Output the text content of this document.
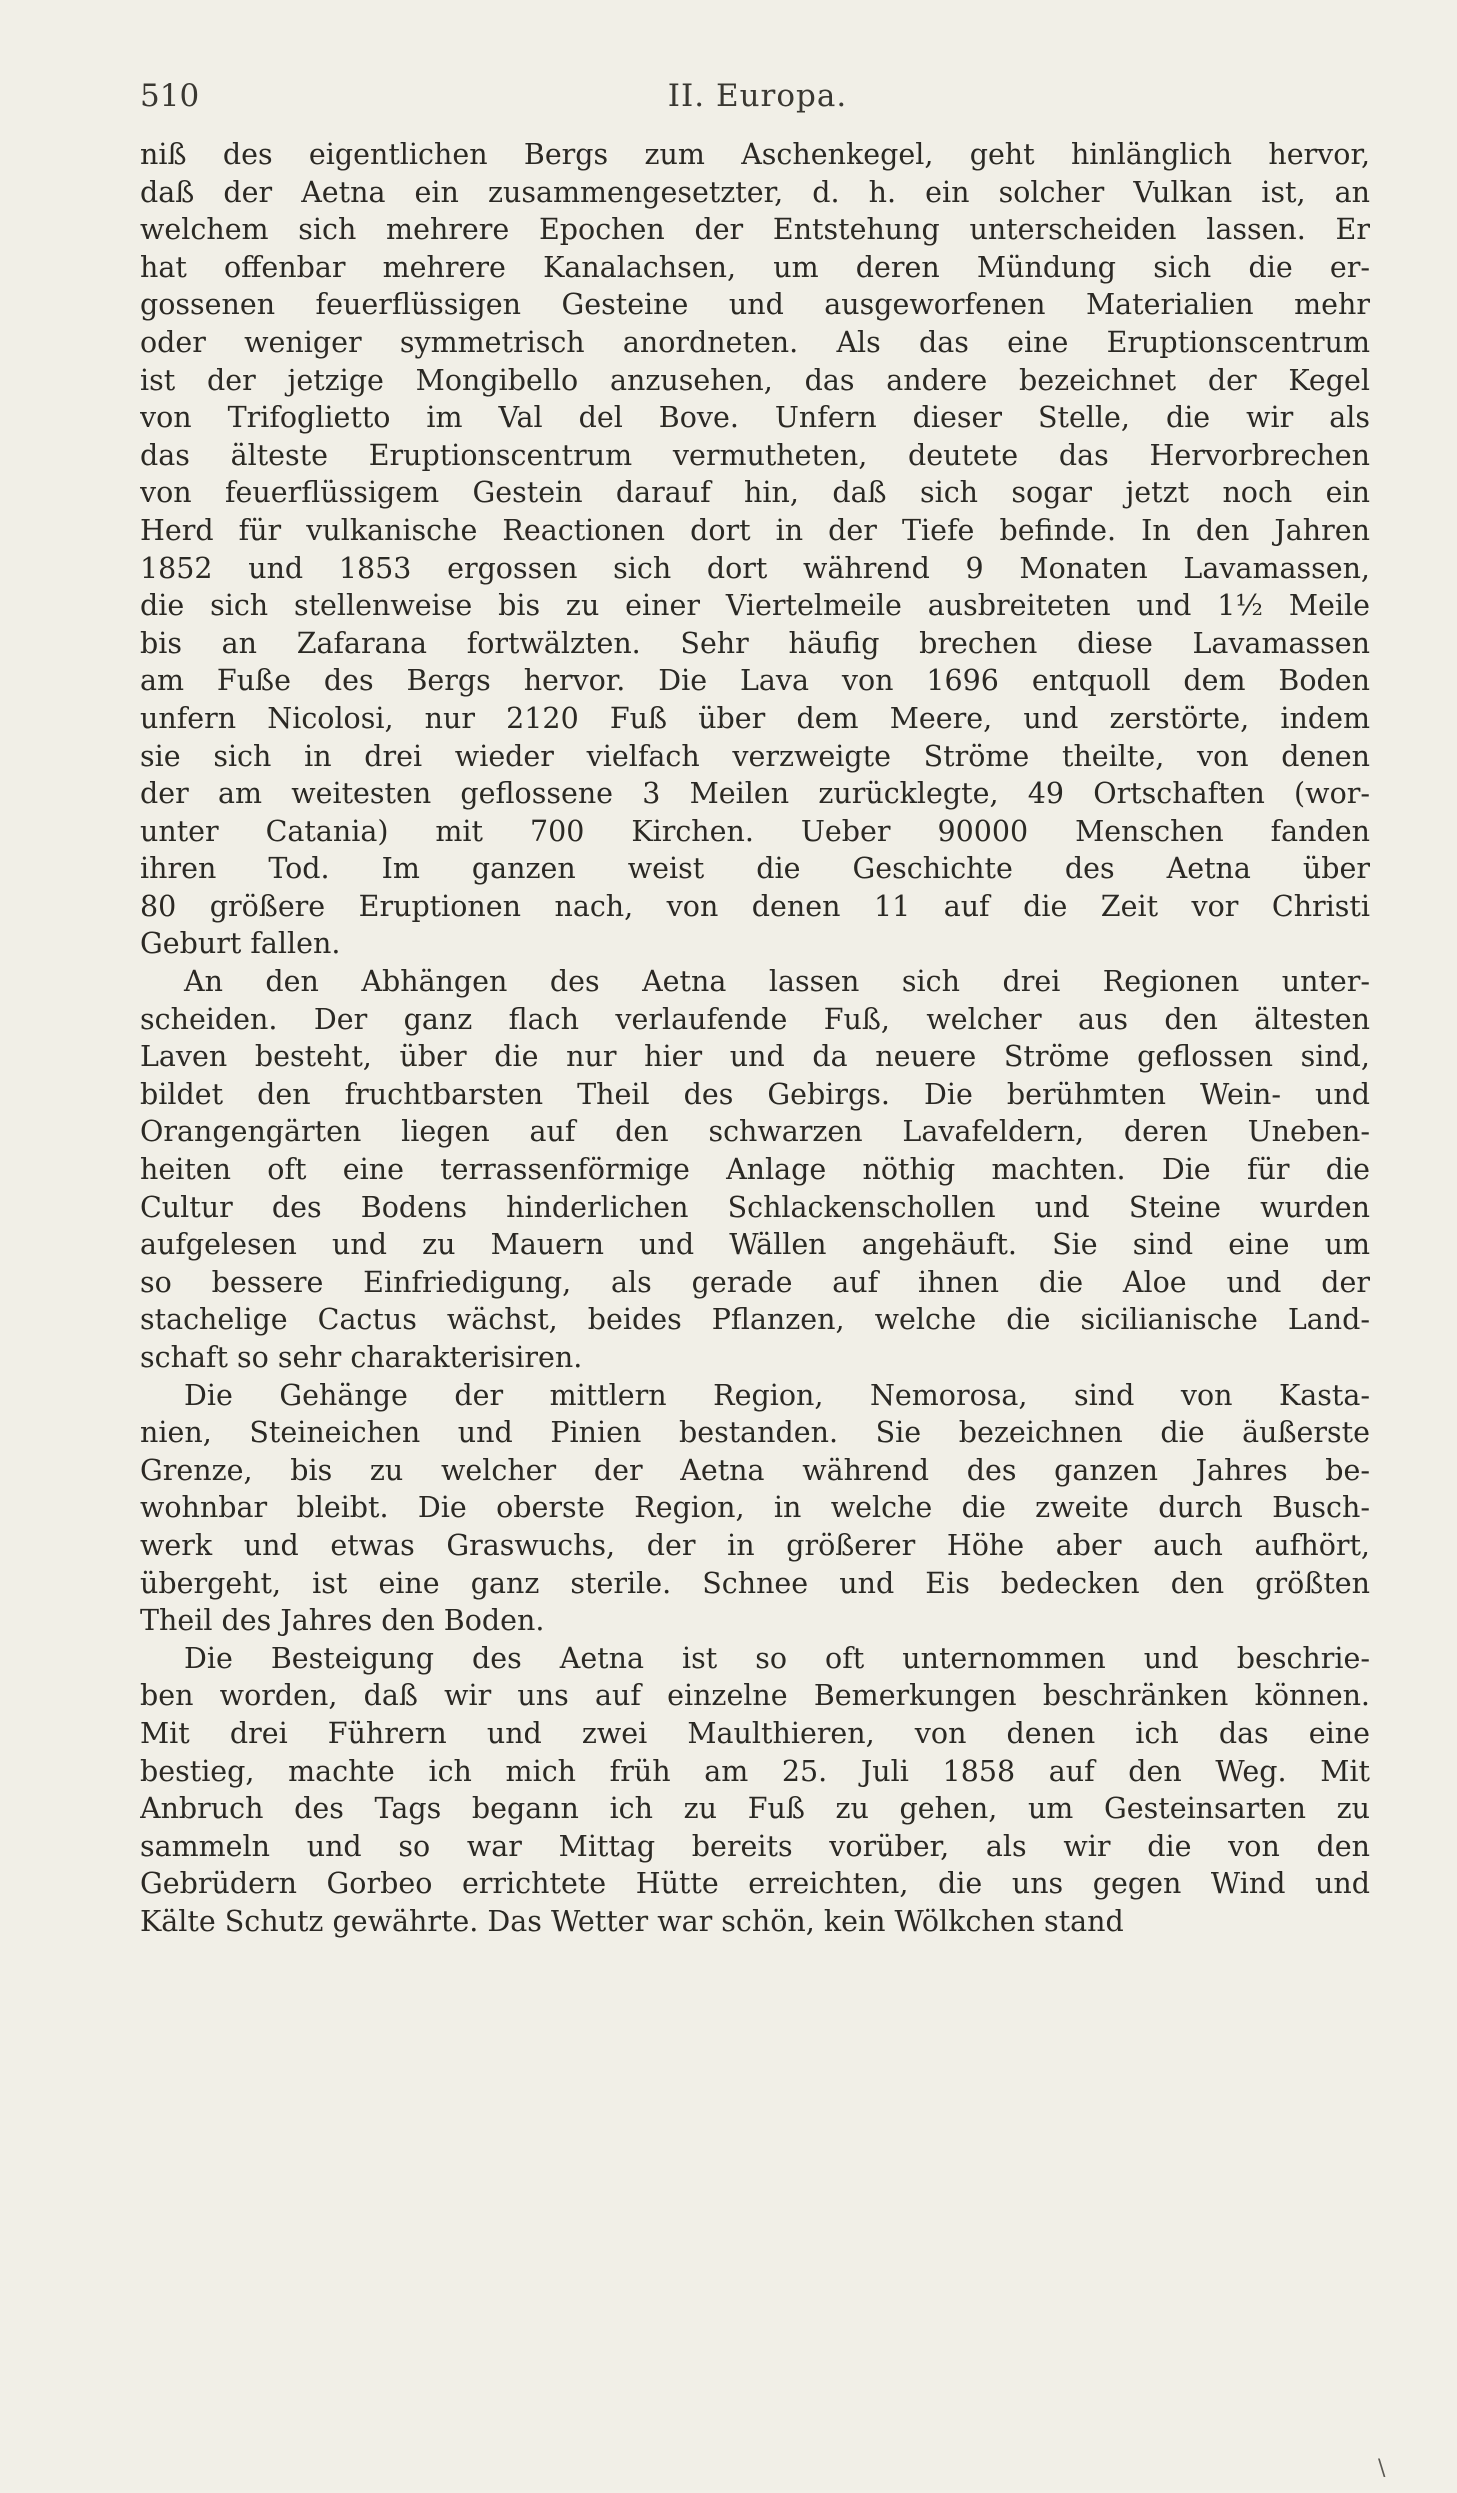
510	II. Europa.
niß des eigentlichen Bergs zum Aschenkegel, geht hinlänglich hervor,
daß der Aetna ein zusammengesetzter, d. h. ein solcher Vulkan ist, an
welchem sich mehrere Epochen der Entstehung unterscheiden lassen. Er
hat offenbar mehrere Kanalachsen, um deren Mündung sich die er-
gossenen feuerflüssigen Gesteine und ausgeworfenen Materialien mehr
oder weniger symmetrisch anordneten. Als das eine Eruptionscentrum
ist der jetzige Mongibello anzusehen, das andere bezeichnet der Kegel
von Trifoglietto im Val del Bove. Unfern dieser Stelle, die wir als
das älteste Eruptionscentrum vermutheten, deutete das Hervorbrechen
von feuerflüssigem Gestein darauf hin, daß sich sogar jetzt noch ein
Herd für vulkanische Reactionen dort in der Tiefe befinde. In den Jahren
1852 und 1853 ergossen sich dort während 9 Monaten Lavamassen,
die sich stellenweise bis zu einer Viertelmeile ausbreiteten und 1½ Meile
bis an Zafarana fortwälzten. Sehr häufig brechen diese Lavamassen
am Fuße des Bergs hervor. Die Lava von 1696 entquoll dem Boden
unfern Nicolosi, nur 2120 Fuß über dem Meere, und zerstörte, indem
sie sich in drei wieder vielfach verzweigte Ströme theilte, von denen
der am weitesten geflossene 3 Meilen zurücklegte, 49 Ortschaften (wor-
unter Catania) mit 700 Kirchen. Ueber 90000 Menschen fanden
ihren Tod. Im ganzen weist die Geschichte des Aetna über
80 größere Eruptionen nach, von denen 11 auf die Zeit vor Christi
Geburt fallen.
An den Abhängen des Aetna lassen sich drei Regionen unter-
scheiden. Der ganz flach verlaufende Fuß, welcher aus den ältesten
Laven besteht, über die nur hier und da neuere Ströme geflossen sind,
bildet den fruchtbarsten Theil des Gebirgs. Die berühmten Wein- und
Orangengärten liegen auf den schwarzen Lavafeldern, deren Uneben-
heiten oft eine terrassenförmige Anlage nöthig machten. Die für die
Cultur des Bodens hinderlichen Schlackenschollen und Steine wurden
aufgelesen und zu Mauern und Wällen angehäuft. Sie sind eine um
so bessere Einfriedigung, als gerade auf ihnen die Aloe und der
stachelige Cactus wächst, beides Pflanzen, welche die sicilianische Land-
schaft so sehr charakterisiren.
Die Gehänge der mittlern Region, Nemorosa, sind von Kasta-
nien, Steineichen und Pinien bestanden. Sie bezeichnen die äußerste
Grenze, bis zu welcher der Aetna während des ganzen Jahres be-
wohnbar bleibt. Die oberste Region, in welche die zweite durch Busch-
werk und etwas Graswuchs, der in größerer Höhe aber auch aufhört,
übergeht, ist eine ganz sterile. Schnee und Eis bedecken den größten
Theil des Jahres den Boden.
Die Besteigung des Aetna ist so oft unternommen und beschrie-
ben worden, daß wir uns auf einzelne Bemerkungen beschränken können.
Mit drei Führern und zwei Maulthieren, von denen ich das eine
bestieg, machte ich mich früh am 25. Juli 1858 auf den Weg. Mit
Anbruch des Tags begann ich zu Fuß zu gehen, um Gesteinsarten zu
sammeln und so war Mittag bereits vorüber, als wir die von den
Gebrüdern Gorbeo errichtete Hütte erreichten, die uns gegen Wind und
Kälte Schutz gewährte. Das Wetter war schön, kein Wölkchen stand
\
